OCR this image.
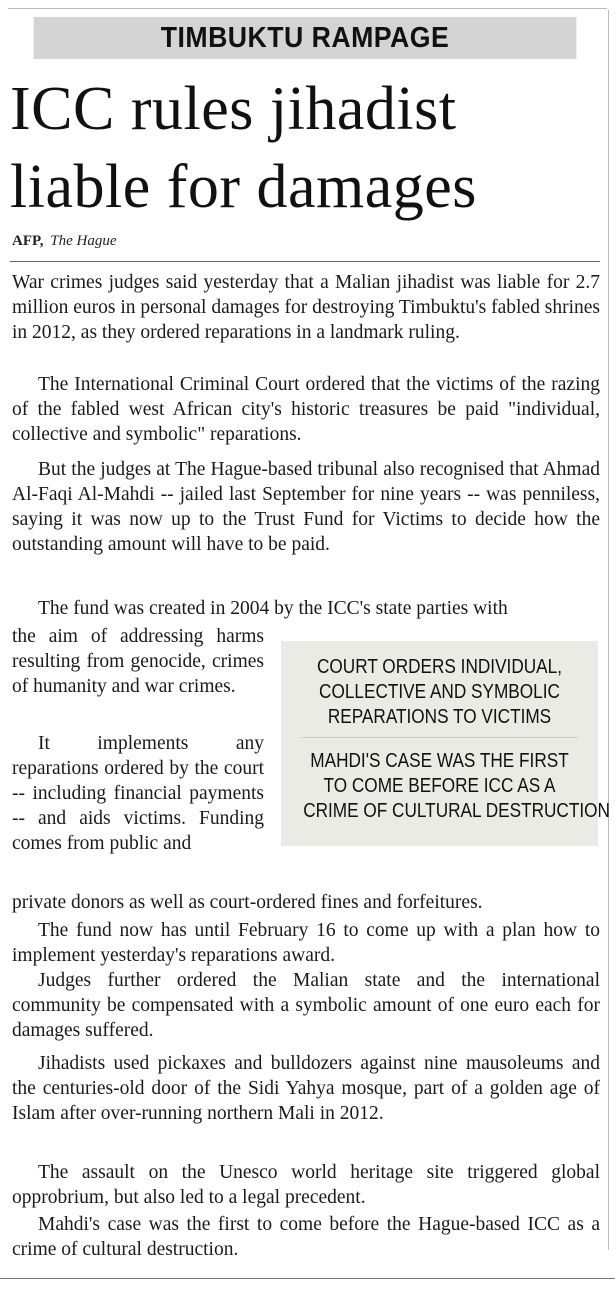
TIMBUKTU RAMPAGE
ICC rules jihadist
liable for damages
AFP, The Hague

War crimes judges said yesterday that a Malian jihadist was liable for 2.7 million euros in personal damages for destroying Timbuktu's fabled shrines in 2012, as they ordered reparations in a landmark ruling.

The International Criminal Court ordered that the victims of the razing of the fabled west African city's historic treasures be paid "individual, collective and symbolic" reparations.

But the judges at The Hague-based tribunal also recognised that Ahmad Al-Faqi Al-Mahdi -- jailed last September for nine years -- was penniless, saying it was now up to the Trust Fund for Victims to decide how the outstanding amount will have to be paid.

The fund was created in 2004 by the ICC's state parties with

the aim of addressing harms resulting from genocide, crimes of humanity and war crimes.

It implements any reparations ordered by the court -- including financial payments -- and aids victims. Funding comes from public and

COURT ORDERS INDIVIDUAL,
COLLECTIVE AND SYMBOLIC
REPARATIONS TO VICTIMS
MAHDI'S CASE WAS THE FIRST
TO COME BEFORE ICC AS A
CRIME OF CULTURAL DESTRUCTION

private donors as well as court-ordered fines and forfeitures.

The fund now has until February 16 to come up with a plan how to implement yesterday's reparations award.

Judges further ordered the Malian state and the international community be compensated with a symbolic amount of one euro each for damages suffered.

Jihadists used pickaxes and bulldozers against nine mausoleums and the centuries-old door of the Sidi Yahya mosque, part of a golden age of Islam after over-running northern Mali in 2012.

The assault on the Unesco world heritage site triggered global opprobrium, but also led to a legal precedent.

Mahdi's case was the first to come before the Hague-based ICC as a crime of cultural destruction.
